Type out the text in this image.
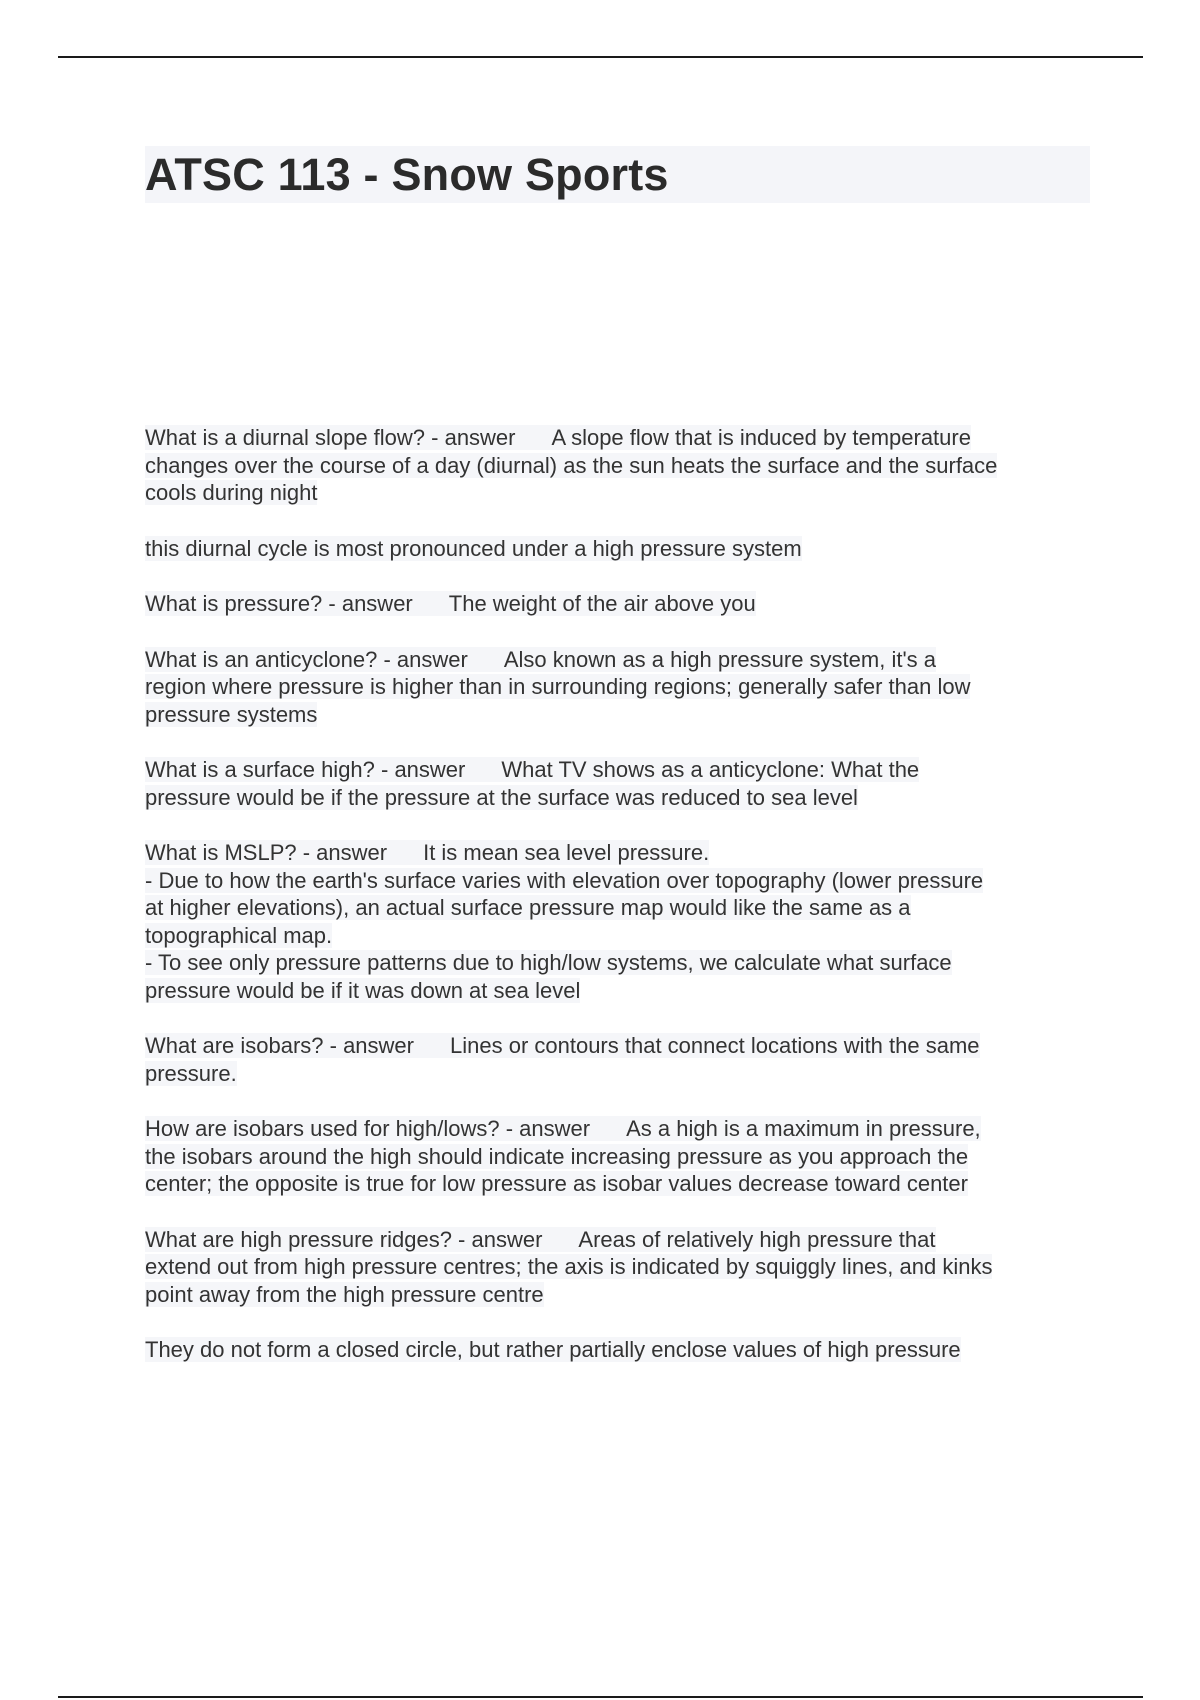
ATSC 113 - Snow Sports
What is a diurnal slope flow? - answer A slope flow that is induced by temperature
changes over the course of a day (diurnal) as the sun heats the surface and the surface
cools during night
this diurnal cycle is most pronounced under a high pressure system
What is pressure? - answer The weight of the air above you
What is an anticyclone? - answer Also known as a high pressure system, it's a
region where pressure is higher than in surrounding regions; generally safer than low
pressure systems
What is a surface high? - answer What TV shows as a anticyclone: What the
pressure would be if the pressure at the surface was reduced to sea level
What is MSLP? - answer It is mean sea level pressure.
- Due to how the earth's surface varies with elevation over topography (lower pressure
at higher elevations), an actual surface pressure map would like the same as a
topographical map.
- To see only pressure patterns due to high/low systems, we calculate what surface
pressure would be if it was down at sea level
What are isobars? - answer Lines or contours that connect locations with the same
pressure.
How are isobars used for high/lows? - answer As a high is a maximum in pressure,
the isobars around the high should indicate increasing pressure as you approach the
center; the opposite is true for low pressure as isobar values decrease toward center
What are high pressure ridges? - answer Areas of relatively high pressure that
extend out from high pressure centres; the axis is indicated by squiggly lines, and kinks
point away from the high pressure centre
They do not form a closed circle, but rather partially enclose values of high pressure
